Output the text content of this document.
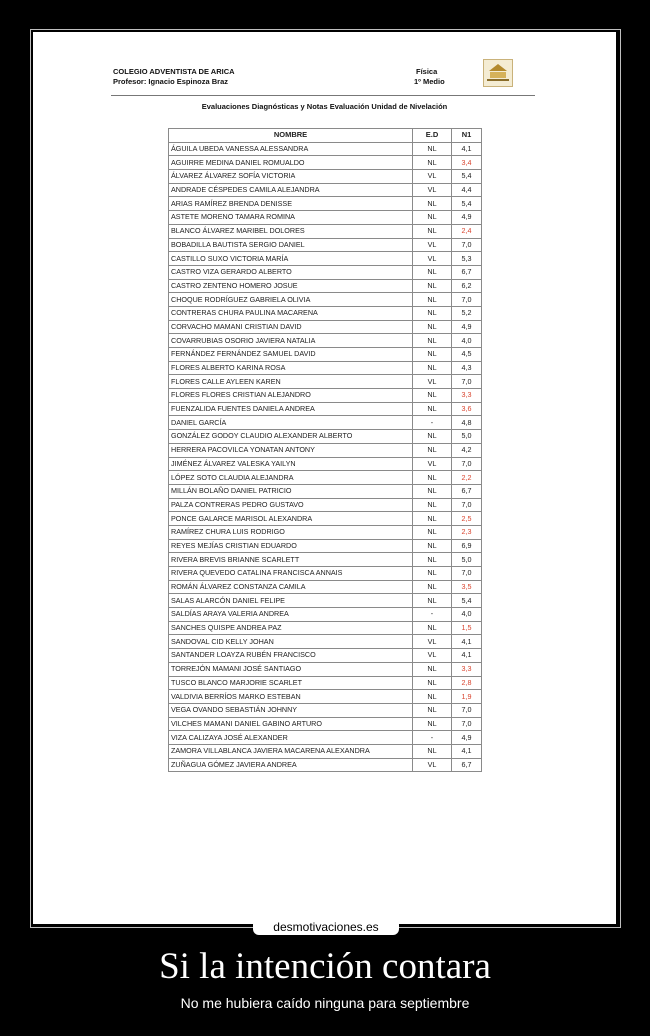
COLEGIO ADVENTISTA DE ARICA
Profesor: Ignacio Espinoza Braz
Física
1º Medio
Evaluaciones Diagnósticas y Notas Evaluación Unidad de Nivelación
NOMBRE	E.D	N1
ÁGUILA UBEDA VANESSA ALESSANDRA	NL	4,1
AGUIRRE MEDINA DANIEL ROMUALDO	NL	3,4
ÁLVAREZ ÁLVAREZ SOFÍA VICTORIA	VL	5,4
ANDRADE CÉSPEDES CAMILA ALEJANDRA	VL	4,4
ARIAS RAMÍREZ BRENDA DENISSE	NL	5,4
ASTETE MORENO TAMARA ROMINA	NL	4,9
BLANCO ÁLVAREZ MARIBEL DOLORES	NL	2,4
BOBADILLA BAUTISTA SERGIO DANIEL	VL	7,0
CASTILLO SUXO VICTORIA MARÍA	VL	5,3
CASTRO VIZA GERARDO ALBERTO	NL	6,7
CASTRO ZENTENO HOMERO JOSUE	NL	6,2
CHOQUE RODRÍGUEZ GABRIELA OLIVIA	NL	7,0
CONTRERAS CHURA PAULINA MACARENA	NL	5,2
CORVACHO MAMANI CRISTIAN DAVID	NL	4,9
COVARRUBIAS OSORIO JAVIERA NATALIA	NL	4,0
FERNÁNDEZ FERNÁNDEZ SAMUEL DAVID	NL	4,5
FLORES ALBERTO KARINA ROSA	NL	4,3
FLORES CALLE AYLEEN KAREN	VL	7,0
FLORES FLORES CRISTIAN ALEJANDRO	NL	3,3
FUENZALIDA FUENTES DANIELA ANDREA	NL	3,6
DANIEL GARCÍA	-	4,8
GONZÁLEZ GODOY CLAUDIO ALEXANDER ALBERTO	NL	5,0
HERRERA PACOVILCA YONATAN ANTONY	NL	4,2
JIMÉNEZ ÁLVAREZ VALESKA YAILYN	VL	7,0
LÓPEZ SOTO CLAUDIA ALEJANDRA	NL	2,2
MILLÁN BOLAÑO DANIEL PATRICIO	NL	6,7
PALZA CONTRERAS PEDRO GUSTAVO	NL	7,0
PONCE GALARCE MARISOL ALEXANDRA	NL	2,5
RAMÍREZ CHURA LUIS RODRIGO	NL	2,3
REYES MEJÍAS CRISTIAN EDUARDO	NL	6,9
RIVERA BREVIS BRIANNE SCARLETT	NL	5,0
RIVERA QUEVEDO CATALINA FRANCISCA ANNAIS	NL	7,0
ROMÁN ÁLVAREZ CONSTANZA CAMILA	NL	3,5
SALAS ALARCÓN DANIEL FELIPE	NL	5,4
SALDÍAS ARAYA VALERIA ANDREA	-	4,0
SANCHES QUISPE ANDREA PAZ	NL	1,5
SANDOVAL CID KELLY JOHAN	VL	4,1
SANTANDER LOAYZA RUBÉN FRANCISCO	VL	4,1
TORREJÓN MAMANI JOSÉ SANTIAGO	NL	3,3
TUSCO BLANCO MARJORIE SCARLET	NL	2,8
VALDIVIA BERRÍOS MARKO ESTEBAN	NL	1,9
VEGA OVANDO SEBASTIÁN JOHNNY	NL	7,0
VILCHES MAMANI DANIEL GABINO ARTURO	NL	7,0
VIZA CALIZAYA JOSÉ ALEXANDER	-	4,9
ZAMORA VILLABLANCA JAVIERA MACARENA ALEXANDRA	NL	4,1
ZUÑAGUA GÓMEZ JAVIERA ANDREA	VL	6,7
desmotivaciones.es
Si la intención contara
No me hubiera caído ninguna para septiembre
